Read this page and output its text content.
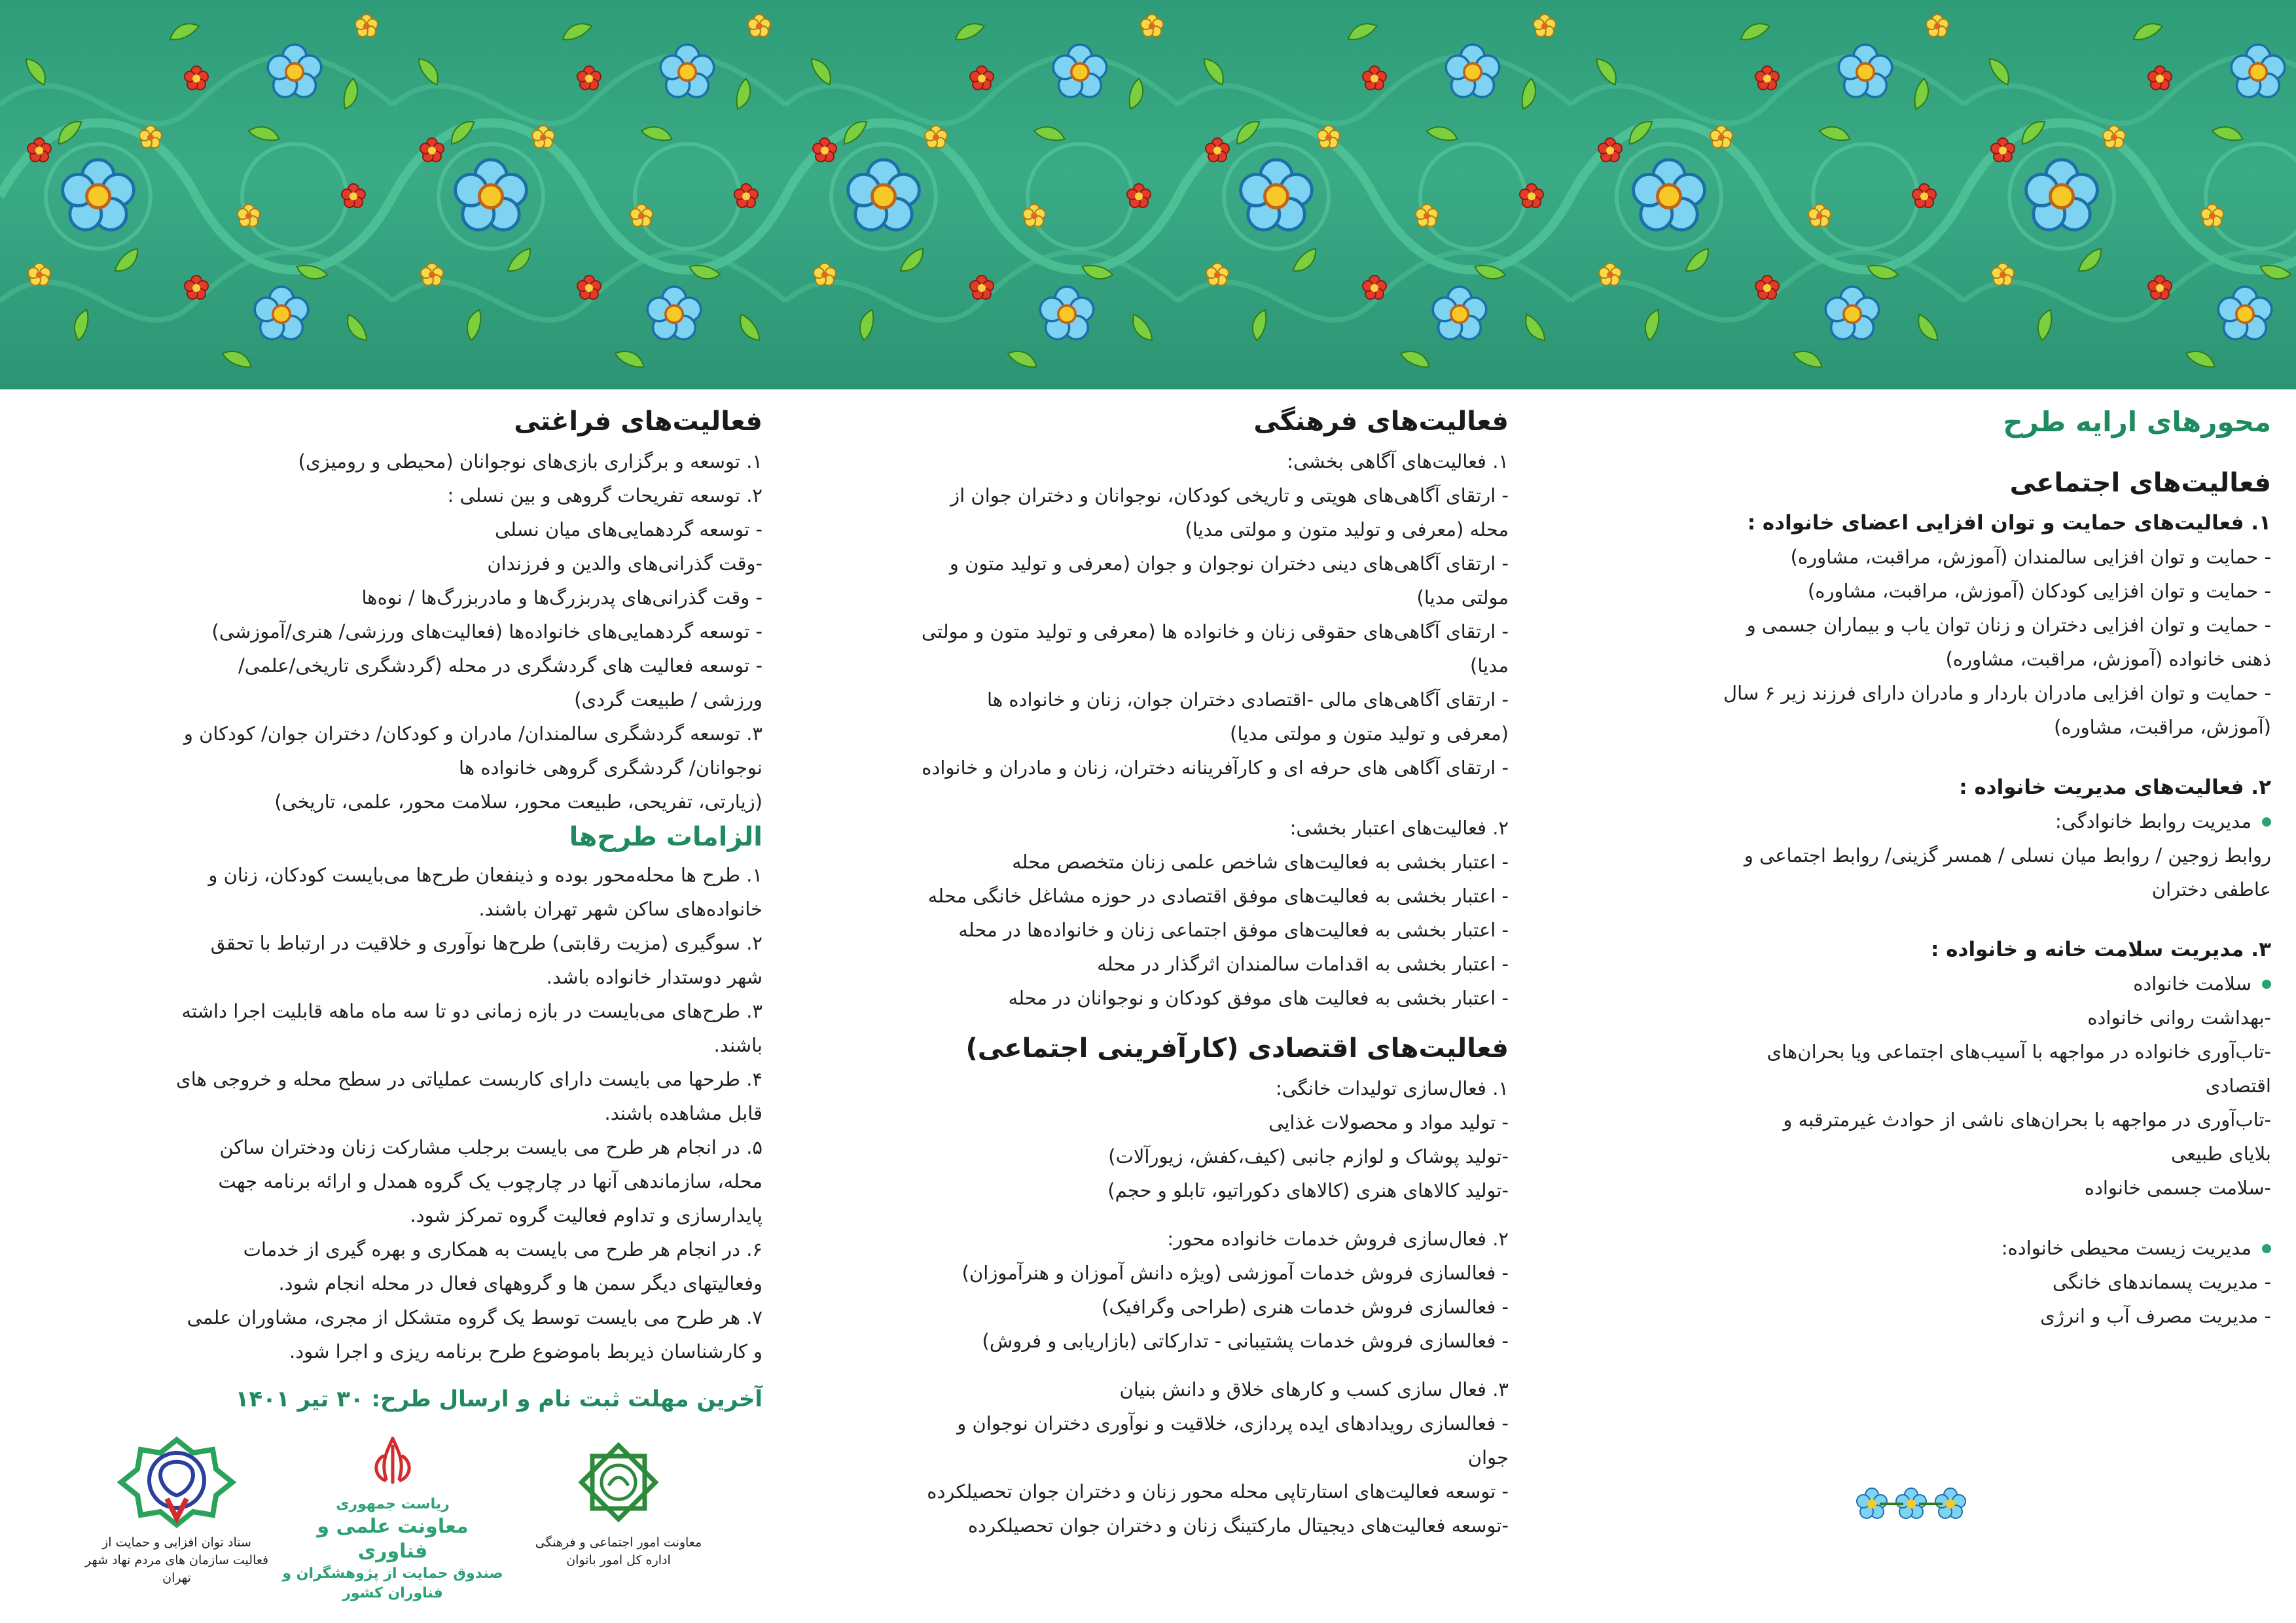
محورهای ارایه طرح

فعالیت‌های اجتماعی

۱. فعالیت‌های حمایت و توان افزایی اعضای خانواده :

- حمایت و توان افزایی سالمندان (آموزش، مراقبت، مشاوره)

- حمایت و توان افزایی کودکان (آموزش، مراقبت، مشاوره)

- حمایت و توان افزایی دختران و زنان توان یاب و بیماران جسمی و

ذهنی خانواده (آموزش، مراقبت، مشاوره)

- حمایت و توان افزایی مادران باردار و مادران دارای فرزند زیر ۶ سال

(آموزش، مراقبت، مشاوره)

۲. فعالیت‌های مدیریت خانواده :

مدیریت روابط خانوادگی:

روابط زوجین / روابط میان نسلی / همسر گزینی/ روابط اجتماعی و

عاطفی دختران

۳. مدیریت سلامت خانه و خانواده :

سلامت خانواده

-بهداشت روانی خانواده

-تاب‌آوری خانواده در مواجهه با آسیب‌های اجتماعی ویا بحران‌های

اقتصادی

-تاب‌آوری در مواجهه با بحران‌های ناشی از حوادث غیرمترقبه و

بلایای طبیعی

-سلامت جسمی خانواده

مدیریت زیست محیطی خانواده:

- مدیریت پسماندهای خانگی

- مدیریت مصرف آب و انرژی

فعالیت‌های فرهنگی

۱. فعالیت‌های آگاهی بخشی:

- ارتقای آگاهی‌های هویتی و تاریخی کودکان، نوجوانان و دختران جوان از

محله (معرفی و تولید متون و مولتی مدیا)

- ارتقای آگاهی‌های دینی دختران نوجوان و جوان (معرفی و تولید متون و

مولتی مدیا)

- ارتقای آگاهی‌های حقوقی زنان و خانواده ها (معرفی و تولید متون و مولتی

مدیا)

- ارتقای آگاهی‌های مالی -اقتصادی دختران جوان، زنان و خانواده ها

(معرفی و تولید متون و مولتی مدیا)

- ارتقای آگاهی های حرفه ای و کارآفرینانه دختران، زنان و مادران و خانواده

۲. فعالیت‌های اعتبار بخشی:

- اعتبار بخشی به فعالیت‌های شاخص علمی زنان متخصص محله

- اعتبار بخشی به فعالیت‌های موفق اقتصادی در حوزه مشاغل خانگی محله

- اعتبار بخشی به فعالیت‌های موفق اجتماعی زنان و خانواده‌ها در محله

- اعتبار بخشی به اقدامات سالمندان اثرگذار در محله

- اعتبار بخشی به فعالیت های موفق کودکان و نوجوانان در محله

فعالیت‌های اقتصادی (کارآفرینی اجتماعی)

۱. فعال‌سازی تولیدات خانگی:

- تولید مواد و محصولات غذایی

-تولید پوشاک و لوازم جانبی (کیف،کفش، زیورآلات)

-تولید کالاهای هنری (کالاهای دکوراتیو، تابلو و حجم)

۲. فعال‌سازی فروش خدمات خانواده محور:

- فعالسازی فروش خدمات آموزشی (ویژه دانش آموزان و هنرآموزان)

- فعالسازی فروش خدمات هنری (طراحی وگرافیک)

- فعالسازی فروش خدمات پشتیبانی - تدارکاتی (بازاریابی و فروش)

۳. فعال سازی کسب و کارهای خلاق و دانش بنیان

- فعالسازی رویدادهای ایده پردازی، خلاقیت و نوآوری دختران نوجوان و

جوان

- توسعه فعالیت‌های استارتاپی محله محور زنان و دختران جوان تحصیلکرده

-توسعه فعالیت‌های دیجیتال مارکتینگ زنان و دختران جوان تحصیلکرده

فعالیت‌های فراغتی

۱. توسعه و برگزاری بازی‌های نوجوانان (محیطی و رومیزی)

۲. توسعه تفریحات گروهی و بین نسلی :

- توسعه گردهمایی‌های میان نسلی

-وقت گذرانی‌های والدین و فرزندان

- وقت گذرانی‌های پدربزرگ‌ها و مادربزرگ‌ها / نوه‌ها

- توسعه گردهمایی‌های خانواده‌ها (فعالیت‌های ورزشی/ هنری/آموزشی)

- توسعه فعالیت های گردشگری در محله (گردشگری تاریخی/علمی/

ورزشی / طبیعت گردی)

۳. توسعه گردشگری سالمندان/ مادران و کودکان/ دختران جوان/ کودکان و

نوجوانان/ گردشگری گروهی خانواده ها

(زیارتی، تفریحی، طبیعت محور، سلامت محور، علمی، تاریخی)

الزامات طرح‌ها

۱. طرح ها محله‌محور بوده و ذینفعان طرح‌ها می‌بایست کودکان، زنان و

خانواده‌های ساکن شهر تهران باشند.

۲. سوگیری (مزیت رقابتی) طرح‌ها نوآوری و خلاقیت در ارتباط با تحقق

شهر دوستدار خانواده باشد.

۳. طرح‌های می‌بایست در بازه زمانی دو تا سه ماه ماهه قابلیت اجرا داشته

باشند.

۴. طرحها می بایست دارای کاربست عملیاتی در سطح محله و خروجی های

قابل مشاهده باشند.

۵. در انجام هر طرح می بایست برجلب مشارکت زنان ودختران ساکن

محله، سازماندهی آنها در چارچوب یک گروه همدل و ارائه برنامه جهت

پایدارسازی و تداوم فعالیت گروه تمرکز شود.

۶. در انجام هر طرح می بایست به همکاری و بهره گیری از خدمات

وفعالیتهای دیگر سمن ها و گروههای فعال در محله انجام شود.

۷. هر طرح می بایست توسط یک گروه متشکل از مجری، مشاوران علمی

و کارشناسان ذیربط باموضوع طرح برنامه ریزی و اجرا شود.

آخرین مهلت ثبت نام و ارسال طرح: ۳۰ تیر ۱۴۰۱

معاونت امور اجتماعی و فرهنگی

اداره کل امور بانوان

ریاست جمهوری

معاونت علمی و فناوری

صندوق حمایت از پژوهشگران و فناوران کشور

ستاد توان افزایی و حمایت از

فعالیت سازمان های مردم نهاد شهر تهران
